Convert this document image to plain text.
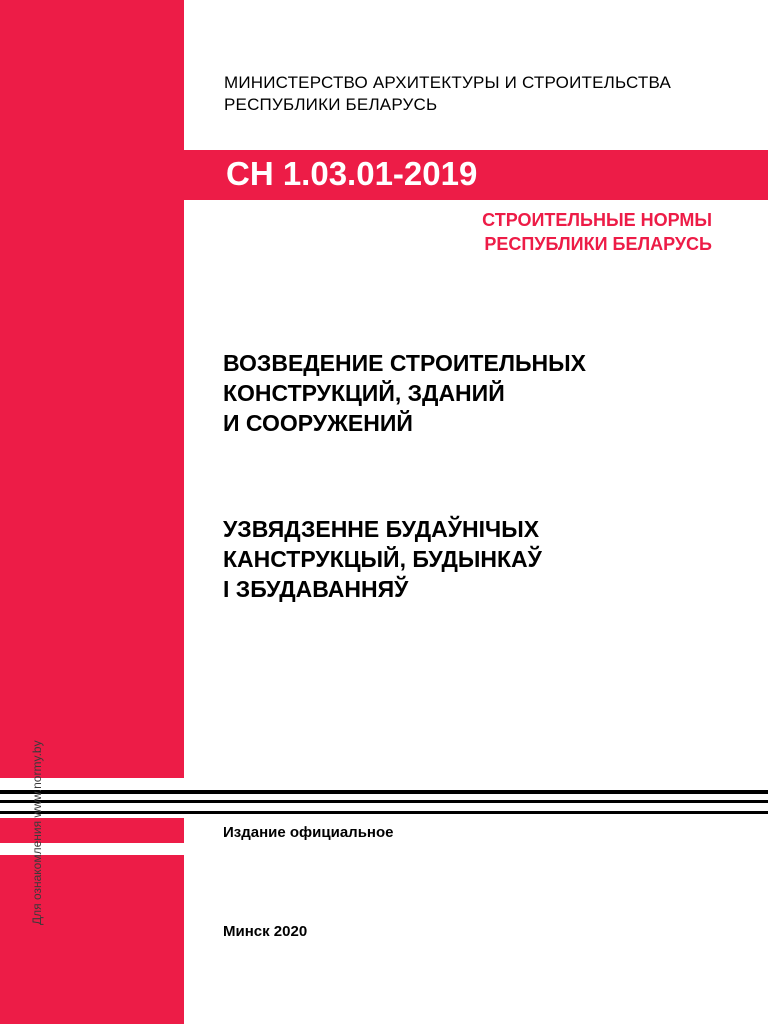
МИНИСТЕРСТВО АРХИТЕКТУРЫ И СТРОИТЕЛЬСТВА
РЕСПУБЛИКИ БЕЛАРУСЬ
СН 1.03.01-2019
СТРОИТЕЛЬНЫЕ НОРМЫ
РЕСПУБЛИКИ БЕЛАРУСЬ
ВОЗВЕДЕНИЕ СТРОИТЕЛЬНЫХ
КОНСТРУКЦИЙ, ЗДАНИЙ
И СООРУЖЕНИЙ
УЗВЯДЗЕННЕ БУДАЎНІЧЫХ
КАНСТРУКЦЫЙ, БУДЫНКАЎ
І ЗБУДАВАННЯЎ
Издание официальное
Минск 2020
Для ознакомления www.normy.by
